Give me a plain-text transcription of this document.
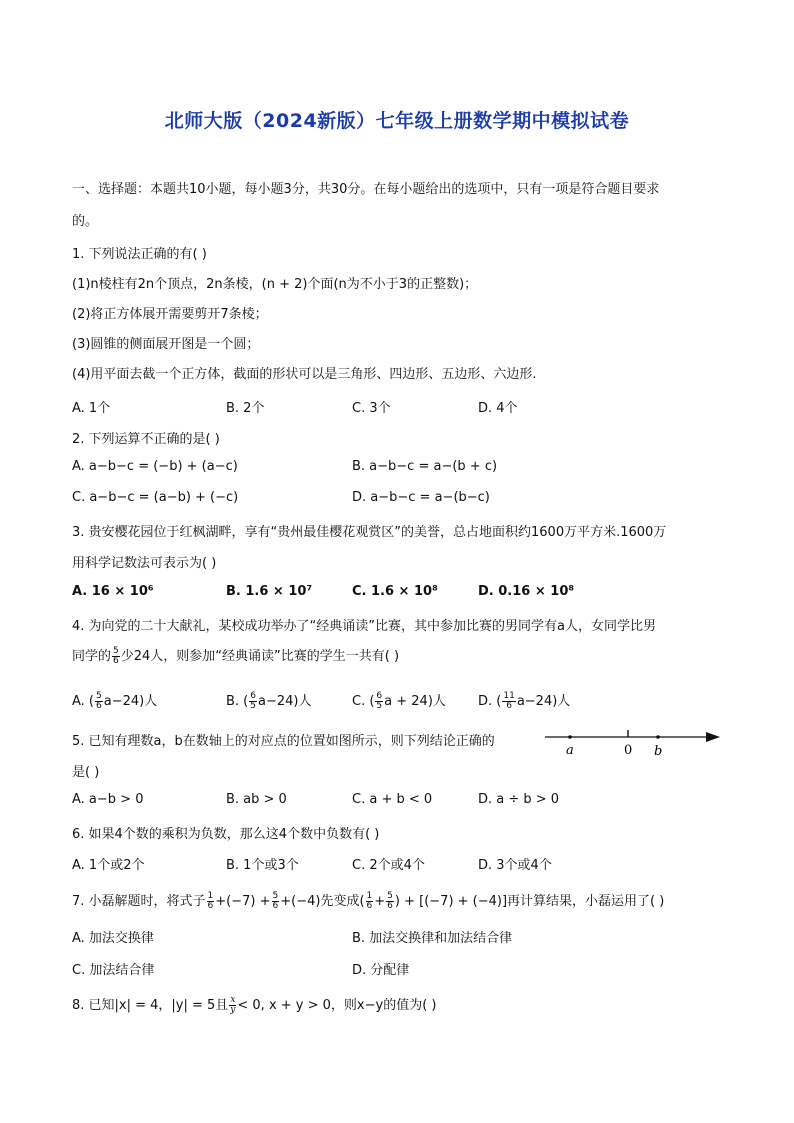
北师大版（2024新版）七年级上册数学期中模拟试卷
一、选择题：本题共10小题，每小题3分，共30分。在每小题给出的选项中，只有一项是符合题目要求
的。
1. 下列说法正确的有( )
(1)n棱柱有2n个顶点，2n条棱，(n + 2)个面(n为不小于3的正整数)；
(2)将正方体展开需要剪开7条棱；
(3)圆锥的侧面展开图是一个圆；
(4)用平面去截一个正方体，截面的形状可以是三角形、四边形、五边形、六边形.
A. 1个	B. 2个	C. 3个	D. 4个
2. 下列运算不正确的是( )
A. a−b−c = (−b) + (a−c)	B. a−b−c = a−(b + c)
C. a−b−c = (a−b) + (−c)	D. a−b−c = a−(b−c)
3. 贵安樱花园位于红枫湖畔，享有“贵州最佳樱花观赏区”的美誉，总占地面积约1600万平方米.1600万
用科学记数法可表示为( )
A. 16 × 10⁶	B. 1.6 × 10⁷	C. 1.6 × 10⁸	D. 0.16 × 10⁸
4. 为向党的二十大献礼，某校成功举办了“经典诵读”比赛，其中参加比赛的男同学有a人，女同学比男
同学的 $\frac{5}{6}$ 少24人，则参加“经典诵读”比赛的学生一共有( )
A. ( $\frac{5}{6} a-24$)人	B. ( $\frac{6}{5} a-24$)人	C. ( $\frac{6}{5}$ a + 24)人 D. ( $\frac{11}{6} a-24$)人
5. 已知有理数a，b在数轴上的对应点的位置如图所示，则下列结论正确的
是( )
a	0 b
A. a−b > 0	B. ab > 0	C. a + b < 0	D. a ÷ b > 0
6. 如果4个数的乘积为负数，那么这4个数中负数有( )
A. 1个或2个	B. 1个或3个	C. 2个或4个	D. 3个或4个
7. 小磊解题时，将式子 $\frac{1}{6} +(-7) + \frac{5}{6} +(-4)$先变成( $\frac{1}{6} + \frac{5}{6}$ ) + [(−7) + (−4)]再计算结果，小磊运用了( )
A. 加法交换律	B. 加法交换律和加法结合律
C. 加法结合律	D. 分配律
8. 已知|x| = 4，|y| = 5且 $\frac{x}{y} < 0$, x + y > 0，则x−y的值为( )
